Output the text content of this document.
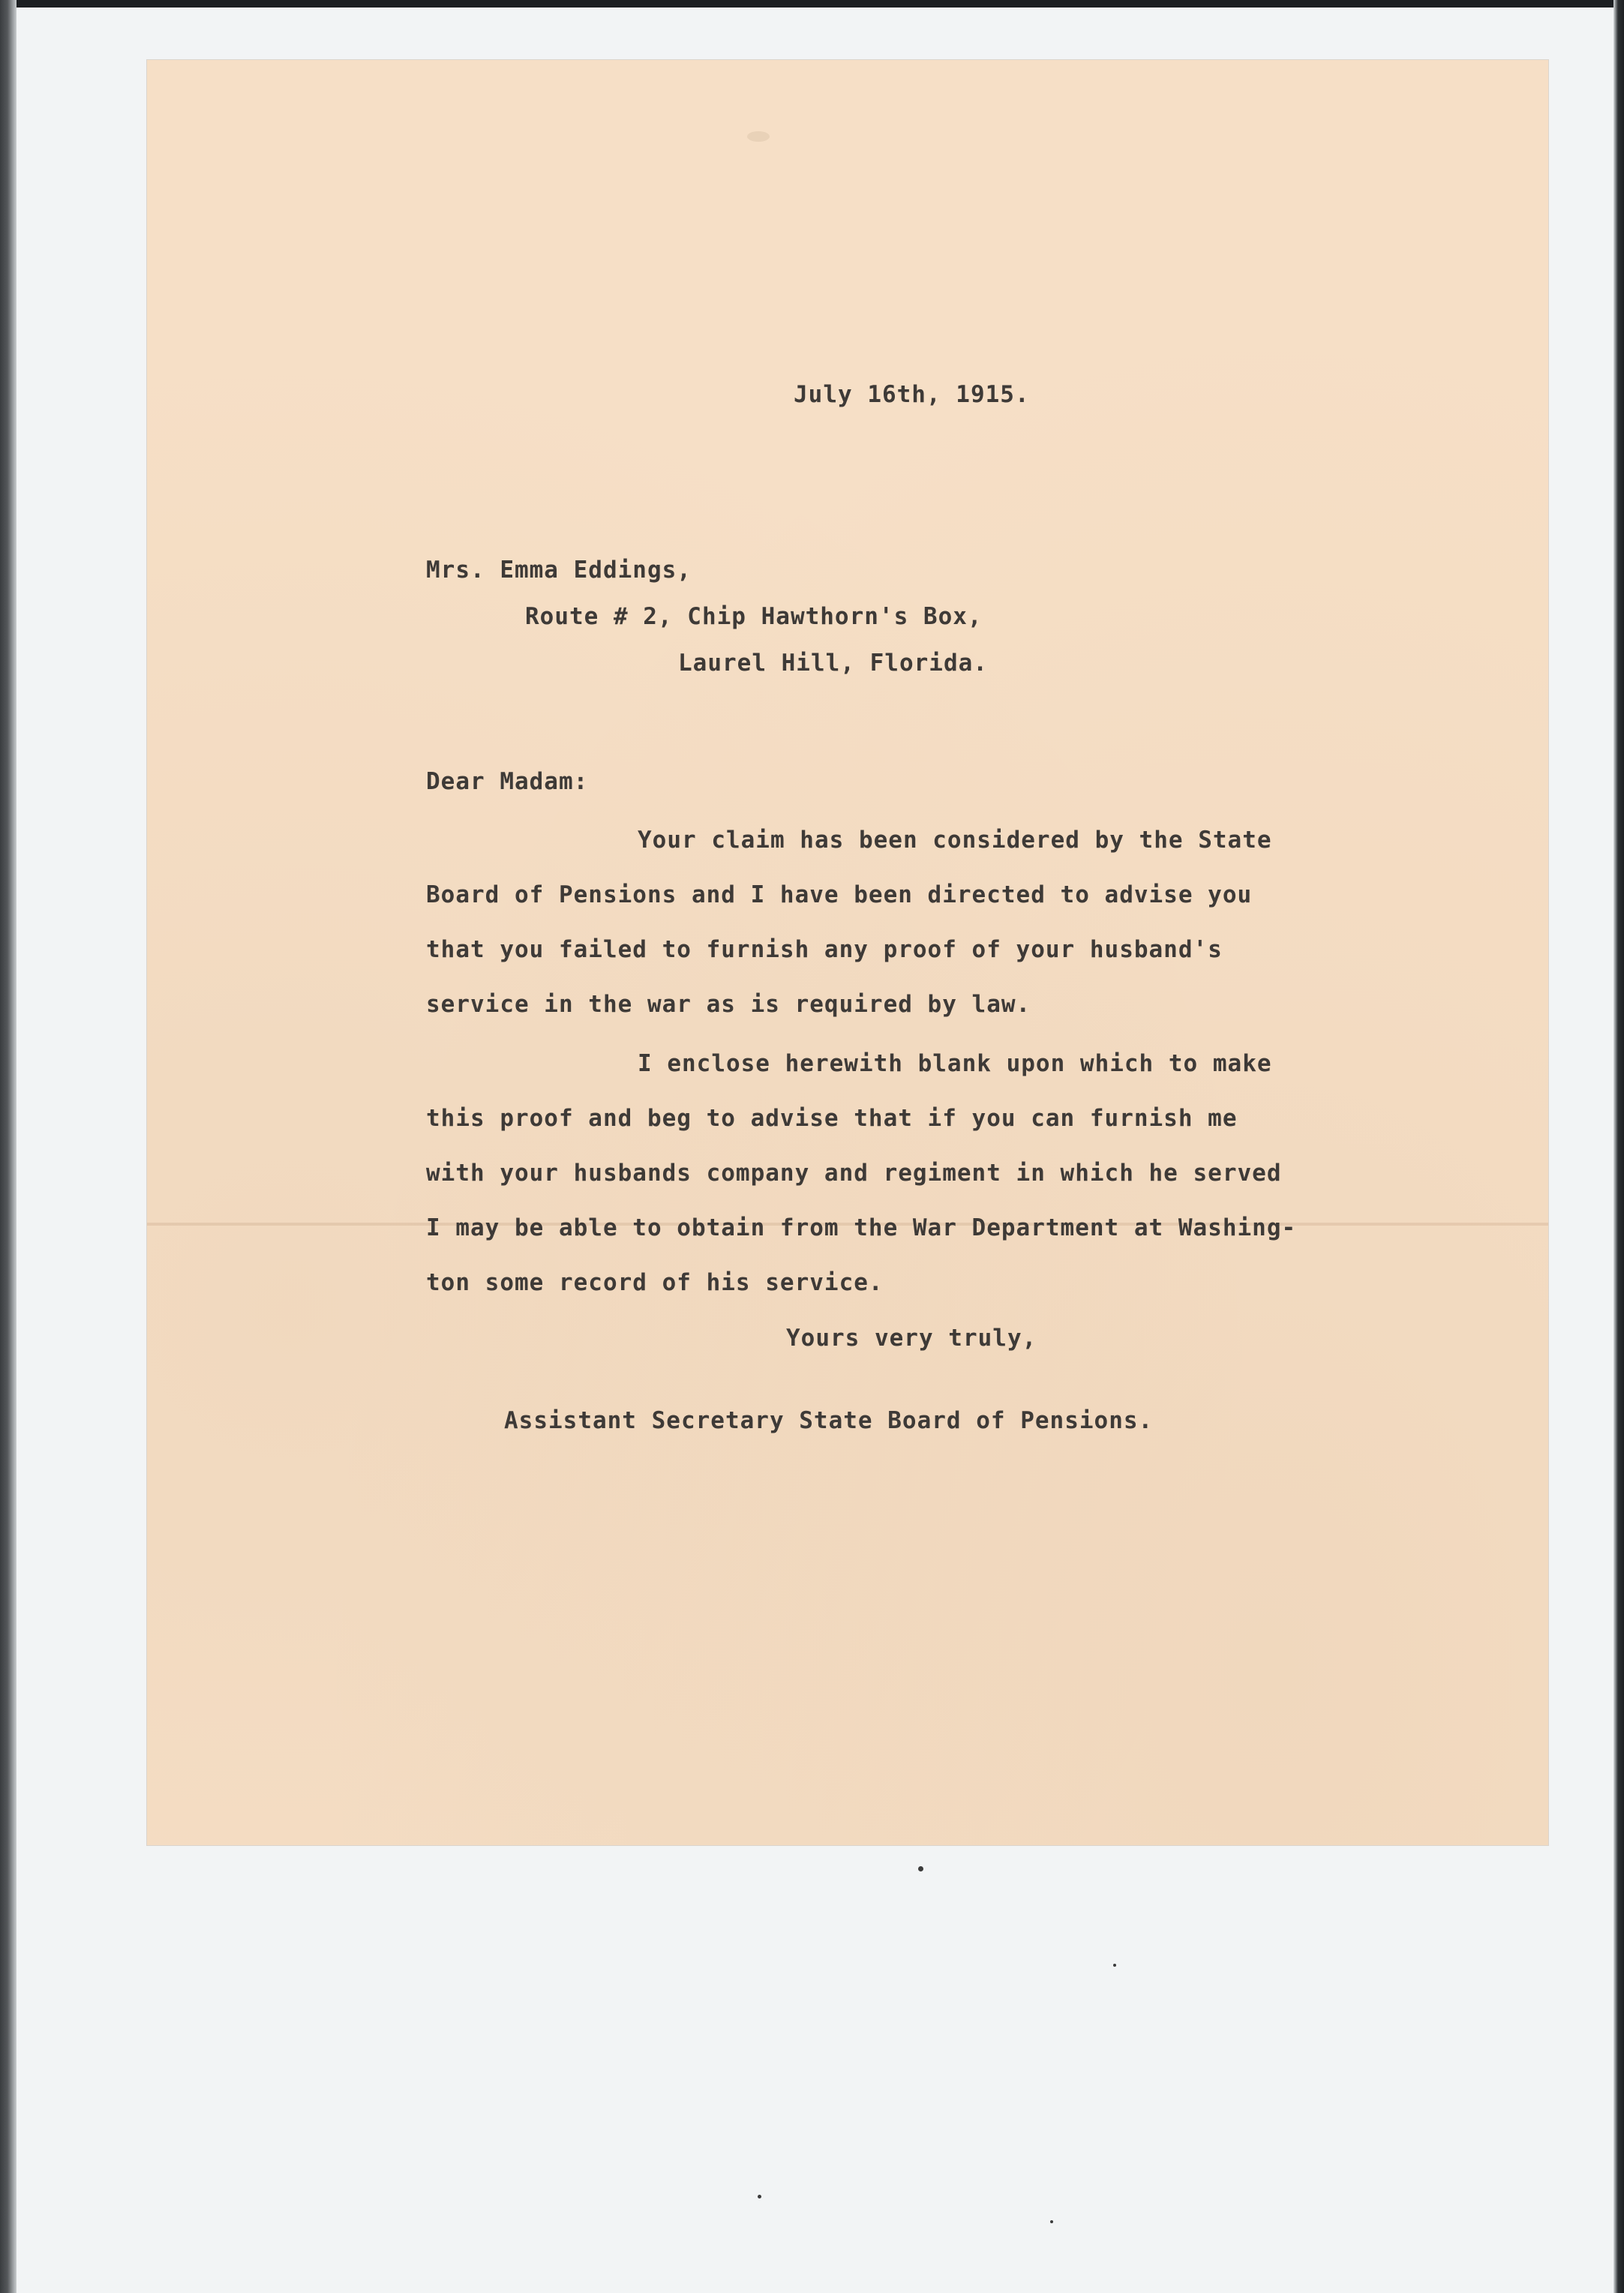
July 16th, 1915.

Mrs. Emma Eddings,

Route # 2, Chip Hawthorn's Box,

Laurel Hill, Florida.

Dear Madam:

Your claim has been considered by the State

Board of Pensions and I have been directed to advise you

that you failed to furnish any proof of your husband's

service in the war as is required by law.

I enclose herewith blank upon which to make

this proof and beg to advise that if you can furnish me

with your husbands company and regiment in which he served

I may be able to obtain from the War Department at Washing-

ton some record of his service.

Yours very truly,

Assistant Secretary State Board of Pensions.
